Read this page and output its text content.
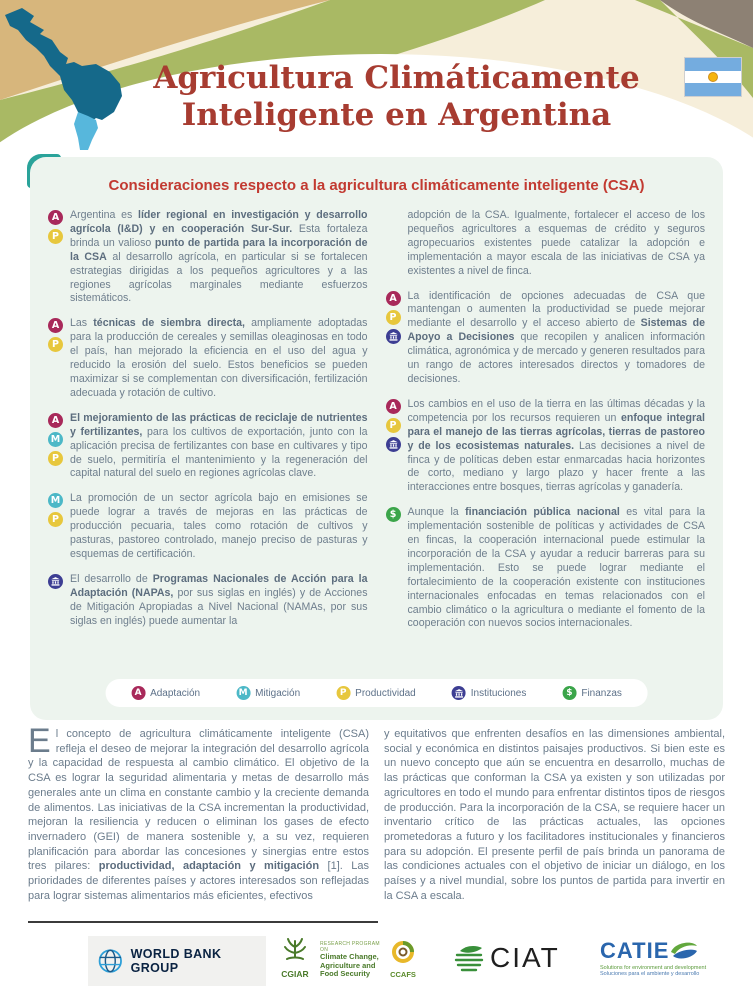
Agricultura Climáticamente
Inteligente en Argentina
Consideraciones respecto a la agricultura climáticamente inteligente (CSA)
A
P

Argentina es líder regional en investigación y desarrollo agrícola (I&D) y en cooperación Sur-Sur. Esta fortaleza brinda un valioso punto de partida para la incorporación de la CSA al desarrollo agrícola, en particular si se fortalecen estrategias dirigidas a los pequeños agricultores y a las regiones agrícolas marginales mediante esfuerzos sistemáticos.

A
P

Las técnicas de siembra directa, ampliamente adoptadas para la producción de cereales y semillas oleaginosas en todo el país, han mejorado la eficiencia en el uso del agua y reducido la erosión del suelo. Estos beneficios se pueden maximizar si se complementan con diversificación, fertilización adecuada y rotación de cultivo.

A
M
P

El mejoramiento de las prácticas de reciclaje de nutrientes y fertilizantes, para los cultivos de exportación, junto con la aplicación precisa de fertilizantes con base en cultivares y tipo de suelo, permitiría el mantenimiento y la regeneración del capital natural del suelo en regiones agrícolas clave.

M
P

La promoción de un sector agrícola bajo en emisiones se puede lograr a través de mejoras en las prácticas de producción pecuaria, tales como rotación de cultivos y pasturas, pastoreo controlado, manejo preciso de pasturas y esquemas de certificación.

El desarrollo de Programas Nacionales de Acción para la Adaptación (NAPAs, por sus siglas en inglés) y de Acciones de Mitigación Apropiadas a Nivel Nacional (NAMAs, por sus siglas en inglés) puede aumentar la

adopción de la CSA. Igualmente, fortalecer el acceso de los pequeños agricultores a esquemas de crédito y seguros agropecuarios existentes puede catalizar la adopción e implementación a mayor escala de las iniciativas de CSA ya existentes a nivel de finca.

A
P

La identificación de opciones adecuadas de CSA que mantengan o aumenten la productividad se puede mejorar mediante el desarrollo y el acceso abierto de Sistemas de Apoyo a Decisiones que recopilen y analicen información climática, agronómica y de mercado y generen resultados para un rango de actores interesados directos y tomadores de decisiones.

A
P

Los cambios en el uso de la tierra en las últimas décadas y la competencia por los recursos requieren un enfoque integral para el manejo de las tierras agrícolas, tierras de pastoreo y de los ecosistemas naturales. Las decisiones a nivel de finca y de políticas deben estar enmarcadas hacia horizontes de corto, mediano y largo plazo y hacer frente a las interacciones entre bosques, tierras agrícolas y ganadería.

$	Aunque la financiación pública nacional es vital para la implementación sostenible de políticas y actividades de CSA en fincas, la cooperación internacional puede estimular la incorporación de la CSA y ayudar a reducir barreras para su implementación. Esto se puede lograr mediante el fortalecimiento de la cooperación existente con instituciones internacionales enfocadas en temas relacionados con el cambio climático o la agricultura o mediante el fomento de la cooperación con nuevos socios internacionales.

A Adaptación	M Mitigación	P Productividad	Instituciones	$ Finanzas
El concepto de agricultura climáticamente inteligente (CSA) refleja el deseo de mejorar la integración del desarrollo agrícola y la capacidad de respuesta al cambio climático. El objetivo de la CSA es lograr la seguridad alimentaria y metas de desarrollo más generales ante un clima en constante cambio y la creciente demanda de alimentos. Las iniciativas de la CSA incrementan la productividad, mejoran la resiliencia y reducen o eliminan los gases de efecto invernadero (GEI) de manera sostenible y, a su vez, requieren planificación para abordar las concesiones y sinergias entre estos tres pilares: productividad, adaptación y mitigación [1]. Las prioridades de diferentes países y actores interesados son reflejadas para lograr sistemas alimentarios más eficientes, efectivos
y equitativos que enfrenten desafíos en las dimensiones ambiental, social y económica en distintos paisajes productivos. Si bien este es un nuevo concepto que aún se encuentra en desarrollo, muchas de las prácticas que conforman la CSA ya existen y son utilizadas por agricultores en todo el mundo para enfrentar distintos tipos de riesgos de producción. Para la incorporación de la CSA, se requiere hacer un inventario crítico de las prácticas actuales, las opciones prometedoras a futuro y los facilitadores institucionales y financieros para su adopción. El presente perfil de país brinda un panorama de las condiciones actuales con el objetivo de iniciar un diálogo, en los países y a nivel mundial, sobre los puntos de partida para invertir en la CSA a escala.
WORLD BANK GROUP	CGIAR
RESEARCH PROGRAM ON
Climate Change, Agriculture and Food Security	CCAFS
CIAT CATIE
Solutions for environment and development
Soluciones para el ambiente y desarrollo
